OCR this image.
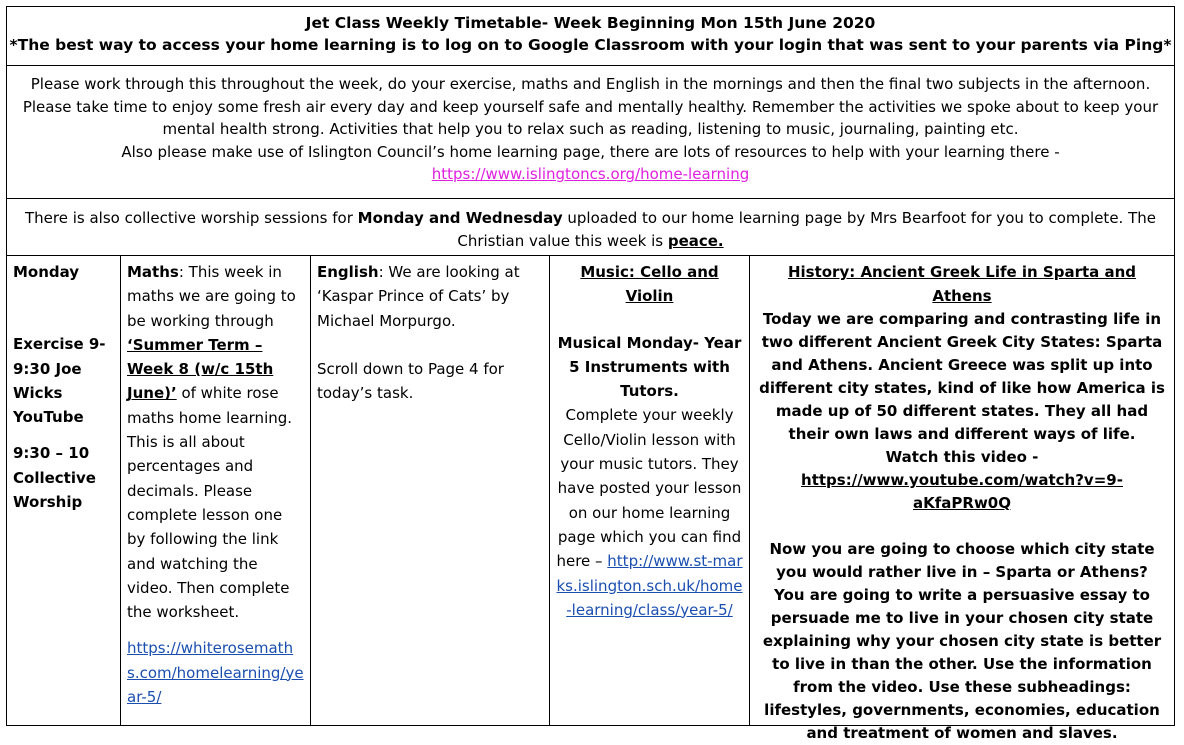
Jet Class Weekly Timetable- Week Beginning Mon 15th June 2020
*The best way to access your home learning is to log on to Google Classroom with your login that was sent to your parents via Ping*
Please work through this throughout the week, do your exercise, maths and English in the mornings and then the final two subjects in the afternoon. Please take time to enjoy some fresh air every day and keep yourself safe and mentally healthy. Remember the activities we spoke about to keep your mental health strong. Activities that help you to relax such as reading, listening to music, journaling, painting etc.
Also please make use of Islington Council’s home learning page, there are lots of resources to help with your learning there -
https://www.islingtoncs.org/home-learning
There is also collective worship sessions for Monday and Wednesday uploaded to our home learning page by Mrs Bearfoot for you to complete. The Christian value this week is peace.
Monday
Exercise 9-9:30 Joe Wicks YouTube
9:30 – 10 Collective Worship
Maths: This week in maths we are going to be working through ‘Summer Term – Week 8 (w/c 15th June)’ of white rose maths home learning. This is all about percentages and decimals. Please complete lesson one by following the link and watching the video. Then complete the worksheet.
https://whiterosemaths.com/homelearning/year-5/
English: We are looking at ‘Kaspar Prince of Cats’ by Michael Morpurgo.
Scroll down to Page 4 for today’s task.
Music: Cello and Violin
Musical Monday- Year 5 Instruments with Tutors.
Complete your weekly Cello/Violin lesson with your music tutors. They have posted your lesson on our home learning page which you can find here – http://www.st-marks.islington.sch.uk/home-learning/class/year-5/
History: Ancient Greek Life in Sparta and Athens
Today we are comparing and contrasting life in two different Ancient Greek City States: Sparta and Athens. Ancient Greece was split up into different city states, kind of like how America is made up of 50 different states. They all had their own laws and different ways of life.
Watch this video -
https://www.youtube.com/watch?v=9-aKfaPRw0Q
Now you are going to choose which city state you would rather live in – Sparta or Athens?
You are going to write a persuasive essay to persuade me to live in your chosen city state explaining why your chosen city state is better to live in than the other. Use the information from the video. Use these subheadings: lifestyles, governments, economies, education and treatment of women and slaves.
